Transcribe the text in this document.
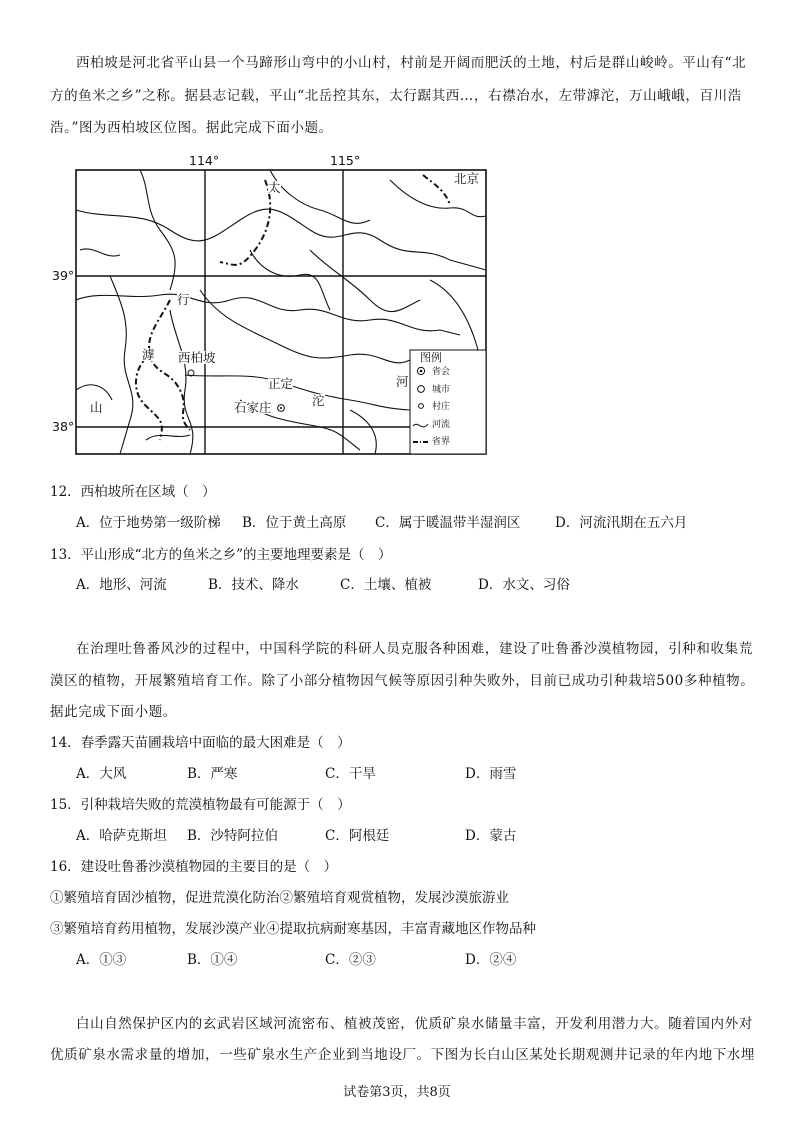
西柏坡是河北省平山县一个马蹄形山弯中的小山村，村前是开阔而肥沃的土地，村后是群山峻岭。平山有“北
方的鱼米之乡”之称。据县志记载，平山“北岳控其东，太行踞其西…，右襟冶水，左带滹沱，万山峨峨，百川浩
浩。”图为西柏坡区位图。据此完成下面小题。
114°	115°
39°
38°
北京
太
行
滹
山
西柏坡
正定
石家庄	沱
河
图例
省会
城市
村庄
河流
省界
12．西柏坡所在区域（　）
A．位于地势第一级阶梯 B．位于黄土高原 C．属于暖温带半湿润区	D．河流汛期在五六月
13．平山形成“北方的鱼米之乡”的主要地理要素是（　）
A．地形、河流	B．技术、降水	C．土壤、植被	D．水文、习俗
在治理吐鲁番风沙的过程中，中国科学院的科研人员克服各种困难，建设了吐鲁番沙漠植物园，引种和收集荒
漠区的植物，开展繁殖培育工作。除了小部分植物因气候等原因引种失败外，目前已成功引种栽培500多种植物。
据此完成下面小题。
14．春季露天苗圃栽培中面临的最大困难是（　）
A．大风	B．严寒	C．干旱	D．雨雪
15．引种栽培失败的荒漠植物最有可能源于（　）
A．哈萨克斯坦 B．沙特阿拉伯	C．阿根廷	D．蒙古
16．建设吐鲁番沙漠植物园的主要目的是（　）
①繁殖培育固沙植物，促进荒漠化防治②繁殖培育观赏植物，发展沙漠旅游业
③繁殖培育药用植物，发展沙漠产业④提取抗病耐寒基因，丰富青藏地区作物品种
A．①③	B．①④	C．②③	D．②④
白山自然保护区内的玄武岩区域河流密布、植被茂密，优质矿泉水储量丰富，开发利用潜力大。随着国内外对
优质矿泉水需求量的增加，一些矿泉水生产企业到当地设厂。下图为长白山区某处长期观测井记录的年内地下水埋
试卷第3页，共8页
